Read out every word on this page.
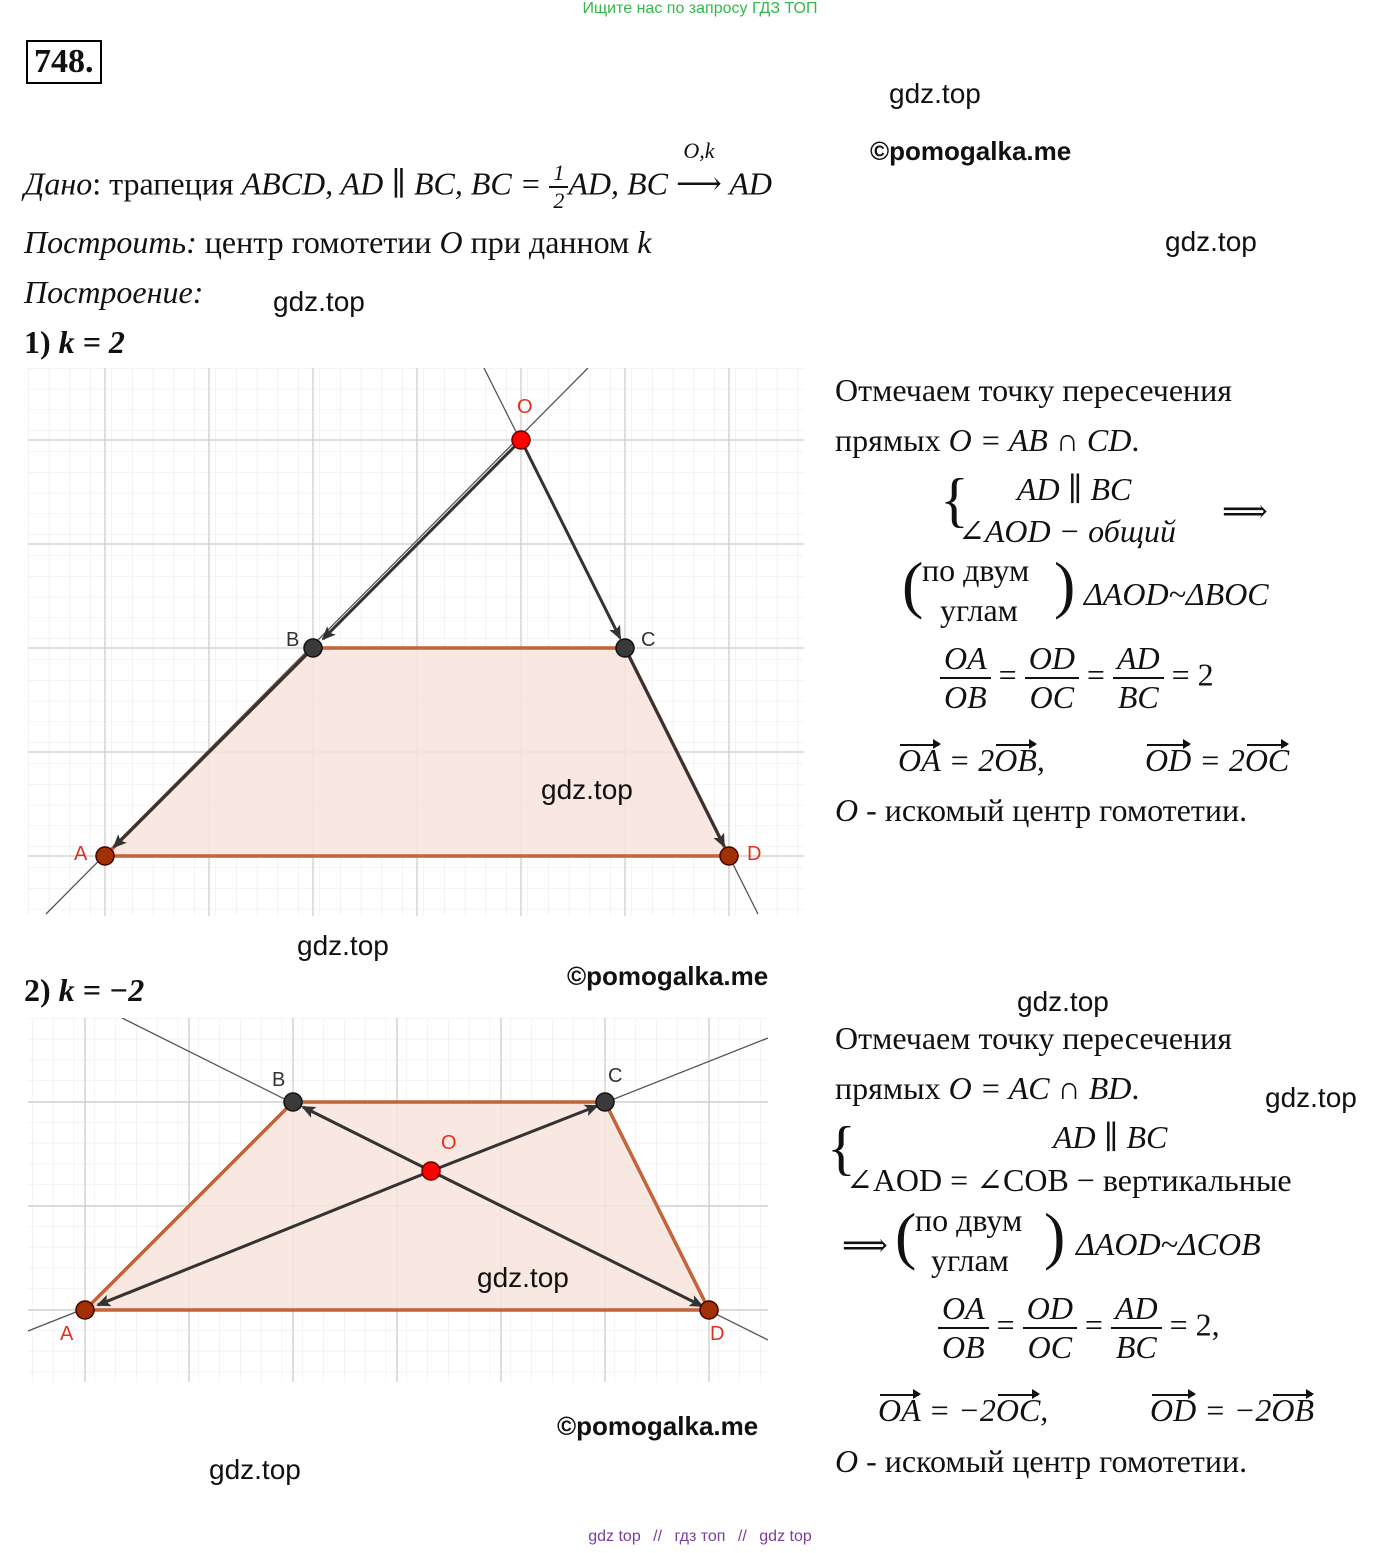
Ищите нас по запросу ГДЗ ТОП
748.
gdz.top
©pomogalka.me
gdz.top
gdz.top
Дано: трапеция ABCD, AD ∥ BC, BC = $\frac{1}{2}$ AD, BC
O,k
⟶ AD
Построить: центр гомотетии O при данном k
Построение:
1) k = 2
O
B	C
A	D
gdz.top
Отмечаем точку пересечения
прямых O = AB ∩ CD.
{ AD ∥ BC
∠AOD − общий
⟹
(
по двум
углам ) ΔAOD~ΔBOC
$\frac{OA}{OB} = \frac{OD}{OC} = \frac{AD}{BC} = 2$
OA = 2OB,	OD = 2OC
O - искомый центр гомотетии.
gdz.top
©pomogalka.me
gdz.top
2) k = −2
O
B	C
A	D
gdz.top
©pomogalka.me
gdz.top
gdz.top
Отмечаем точку пересечения
прямых O = AC ∩ BD.
{	AD ∥ BC
∠AOD = ∠COB − вертикальные
⟹ (
по двум
углам ) ΔAOD~ΔCOB
$\frac{OA}{OB} = \frac{OD}{OC} = \frac{AD}{BC} = 2$,
OA = −2OC,	OD = −2OB
O - искомый центр гомотетии.
gdz top // гдз топ // gdz top
